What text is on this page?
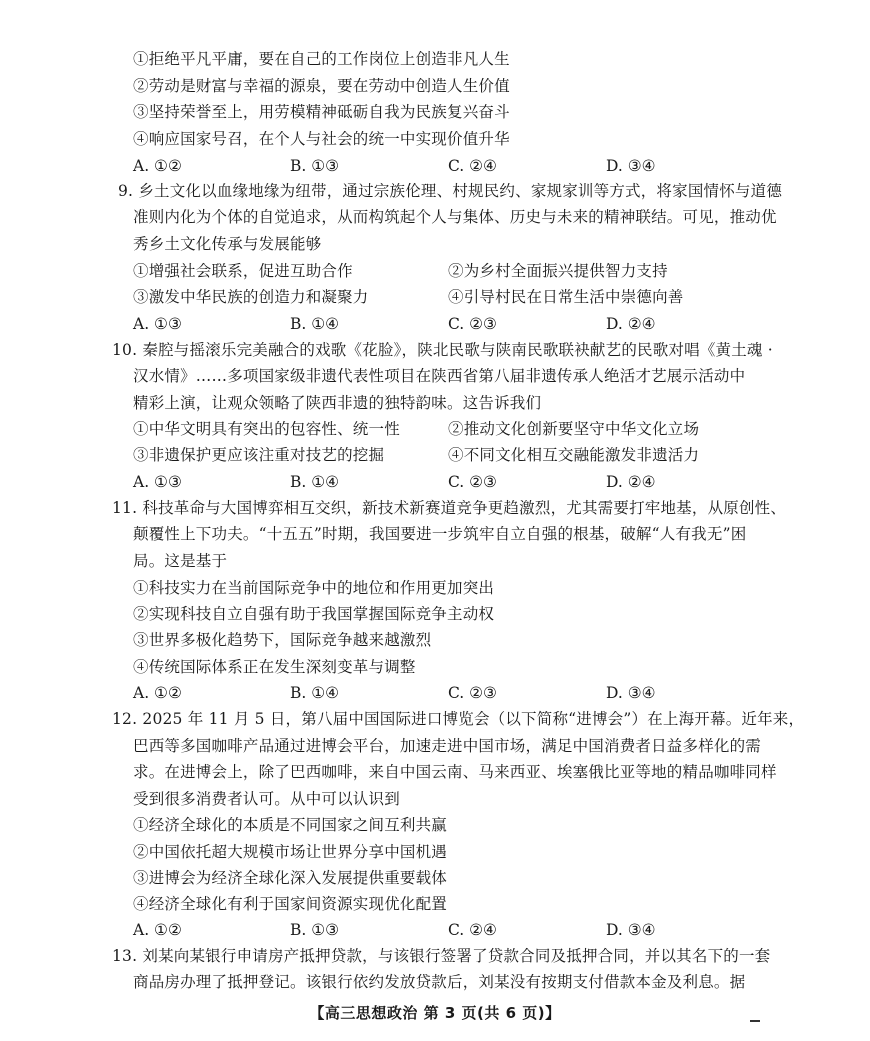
①拒绝平凡平庸，要在自己的工作岗位上创造非凡人生
②劳动是财富与幸福的源泉，要在劳动中创造人生价值
③坚持荣誉至上，用劳模精神砥砺自我为民族复兴奋斗
④响应国家号召，在个人与社会的统一中实现价值升华
A. ①②	B. ①③	C. ②④	D. ③④
9. 乡土文化以血缘地缘为纽带，通过宗族伦理、村规民约、家规家训等方式，将家国情怀与道德
准则内化为个体的自觉追求，从而构筑起个人与集体、历史与未来的精神联结。可见，推动优
秀乡土文化传承与发展能够
①增强社会联系，促进互助合作	②为乡村全面振兴提供智力支持
③激发中华民族的创造力和凝聚力	④引导村民在日常生活中崇德向善
A. ①③	B. ①④	C. ②③	D. ②④
10. 秦腔与摇滚乐完美融合的戏歌《花脸》，陕北民歌与陕南民歌联袂献艺的民歌对唱《黄土魂 ·
汉水情》……多项国家级非遗代表性项目在陕西省第八届非遗传承人绝活才艺展示活动中
精彩上演，让观众领略了陕西非遗的独特韵味。这告诉我们
①中华文明具有突出的包容性、统一性	②推动文化创新要坚守中华文化立场
③非遗保护更应该注重对技艺的挖掘	④不同文化相互交融能激发非遗活力
A. ①③	B. ①④	C. ②③	D. ②④
11. 科技革命与大国博弈相互交织，新技术新赛道竞争更趋激烈，尤其需要打牢地基，从原创性、
颠覆性上下功夫。“十五五”时期，我国要进一步筑牢自立自强的根基，破解“人有我无”困
局。这是基于
①科技实力在当前国际竞争中的地位和作用更加突出
②实现科技自立自强有助于我国掌握国际竞争主动权
③世界多极化趋势下，国际竞争越来越激烈
④传统国际体系正在发生深刻变革与调整
A. ①②	B. ①④	C. ②③	D. ③④
12. 2025 年 11 月 5 日，第八届中国国际进口博览会（以下简称“进博会”）在上海开幕。近年来，
巴西等多国咖啡产品通过进博会平台，加速走进中国市场，满足中国消费者日益多样化的需
求。在进博会上，除了巴西咖啡，来自中国云南、马来西亚、埃塞俄比亚等地的精品咖啡同样
受到很多消费者认可。从中可以认识到
①经济全球化的本质是不同国家之间互利共赢
②中国依托超大规模市场让世界分享中国机遇
③进博会为经济全球化深入发展提供重要载体
④经济全球化有利于国家间资源实现优化配置
A. ①②	B. ①③	C. ②④	D. ③④
13. 刘某向某银行申请房产抵押贷款，与该银行签署了贷款合同及抵押合同，并以其名下的一套
商品房办理了抵押登记。该银行依约发放贷款后，刘某没有按期支付借款本金及利息。据
【高三思想政治 第 3 页(共 6 页)】
